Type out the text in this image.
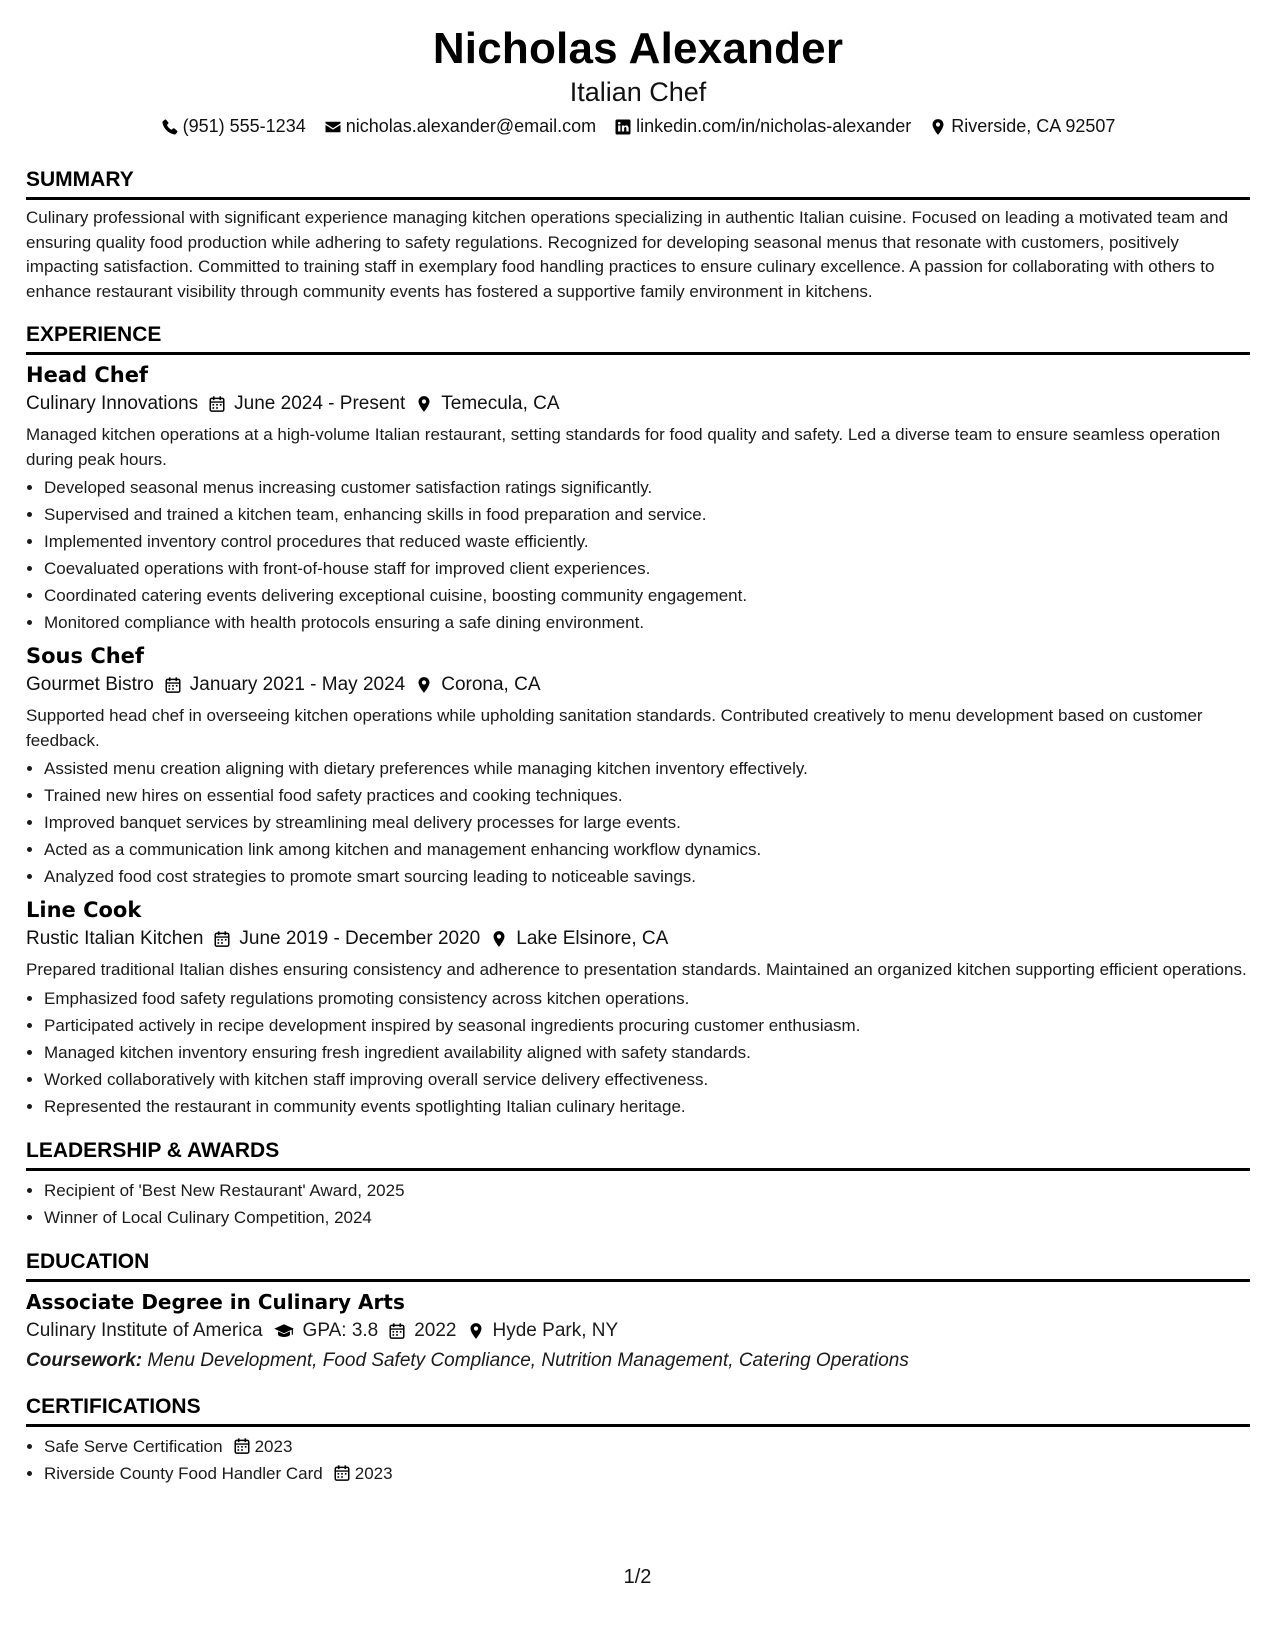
Nicholas Alexander
Italian Chef
(951) 555-1234 nicholas.alexander@email.com linkedin.com/in/nicholas-alexander Riverside, CA 92507
SUMMARY

Culinary professional with significant experience managing kitchen operations specializing in authentic Italian cuisine. Focused on leading a motivated team and ensuring quality food production while adhering to safety regulations. Recognized for developing seasonal menus that resonate with customers, positively impacting satisfaction. Committed to training staff in exemplary food handling practices to ensure culinary excellence. A passion for collaborating with others to enhance restaurant visibility through community events has fostered a supportive family environment in kitchens.

EXPERIENCE
Head Chef
Culinary Innovations June 2024 - Present Temecula, CA

Managed kitchen operations at a high-volume Italian restaurant, setting standards for food quality and safety. Led a diverse team to ensure seamless operation during peak hours.

• Developed seasonal menus increasing customer satisfaction ratings significantly.
• Supervised and trained a kitchen team, enhancing skills in food preparation and service.
• Implemented inventory control procedures that reduced waste efficiently.
• Coevaluated operations with front-of-house staff for improved client experiences.
• Coordinated catering events delivering exceptional cuisine, boosting community engagement.
• Monitored compliance with health protocols ensuring a safe dining environment.
Sous Chef
Gourmet Bistro January 2021 - May 2024 Corona, CA

Supported head chef in overseeing kitchen operations while upholding sanitation standards. Contributed creatively to menu development based on customer feedback.

• Assisted menu creation aligning with dietary preferences while managing kitchen inventory effectively.
• Trained new hires on essential food safety practices and cooking techniques.
• Improved banquet services by streamlining meal delivery processes for large events.
• Acted as a communication link among kitchen and management enhancing workflow dynamics.
• Analyzed food cost strategies to promote smart sourcing leading to noticeable savings.
Line Cook
Rustic Italian Kitchen June 2019 - December 2020 Lake Elsinore, CA

Prepared traditional Italian dishes ensuring consistency and adherence to presentation standards. Maintained an organized kitchen supporting efficient operations.

• Emphasized food safety regulations promoting consistency across kitchen operations.
• Participated actively in recipe development inspired by seasonal ingredients procuring customer enthusiasm.
• Managed kitchen inventory ensuring fresh ingredient availability aligned with safety standards.
• Worked collaboratively with kitchen staff improving overall service delivery effectiveness.
• Represented the restaurant in community events spotlighting Italian culinary heritage.
LEADERSHIP & AWARDS
• Recipient of 'Best New Restaurant' Award, 2025
• Winner of Local Culinary Competition, 2024
EDUCATION
Associate Degree in Culinary Arts
Culinary Institute of America GPA: 3.8 2022 Hyde Park, NY
Coursework: Menu Development, Food Safety Compliance, Nutrition Management, Catering Operations
CERTIFICATIONS
• Safe Serve Certification 2023
• Riverside County Food Handler Card 2023
1/2
